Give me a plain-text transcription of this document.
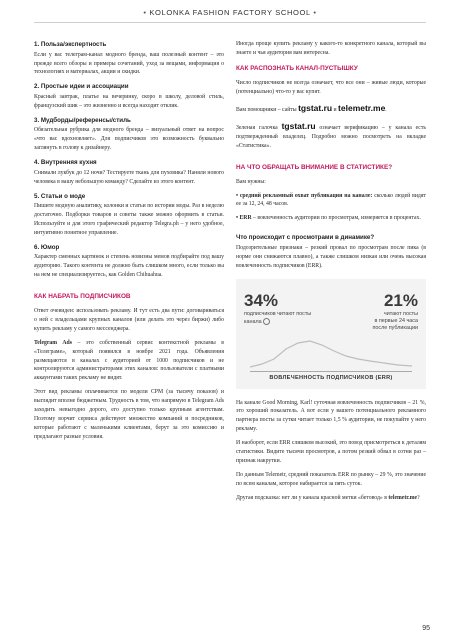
• KOLONKA FASHION FACTORY SCHOOL •
1. Польза/экспертность

Если у вас телеграм-канал модного бренда, ваш полезный контент – это прежде всего обзоры и примеры сочетаний, уход за вещами, информация о технологиях и материалах, акции и скидки.

2. Простые идеи и ассоциации

Красный завтрак, платье на вечеринку, скоро в школу, деловой стиль, французский шик – это жизненно и всегда находит отклик.

3. Мудборды/референсы/стиль

Обязательная рубрика для модного бренда – визуальный ответ на вопрос «что вас вдохновляет». Для подписчиков это возможность буквально заглянуть в голову к дизайнеру.

4. Внутренняя кухня

Снимали лукбук до 12 ночи? Тестируете ткань для пуховика? Наняли нового человека в вашу небольшую команду? Сделайте из этого контент.

5. Статьи о моде

Пишите модную аналитику, колонки и статьи по истории моды. Раз в неделю достаточно. Подборки товаров и советы также можно оформить в статьи. Используйте и для этого графический редактор Telegra.ph – у него удобное, интуитивно понятное управление.

6. Юмор

Характер сменных картинок и степень новизны мемов подбирайте под вашу аудиторию. Такого контента не должно быть слишком много, если только вы на нем не специализируетесь, как Golden Chihuahua.

КАК НАБРАТЬ ПОДПИСЧИКОВ

Ответ очевиден: использовать рекламу. И тут есть два пути: договариваться о ней с владельцами крупных каналов (или делать это через биржи) либо купить рекламу у самого мессенджера.

Telegram Ads – это собственный сервис контекстной рекламы в «Телеграме», который появился в ноябре 2021 года. Объявления размещаются в каналах с аудиторией от 1000 подписчиков и не контролируются администраторами этих каналов: пользователи с платными аккаунтами таких рекламу не видят.

Этот вид рекламы оплачивается по модели CPM (за тысячу показов) и выглядит вполне бюджетным. Трудность в том, что напрямую в Telegram Ads заходить невыгодно дорого, его доступно только крупным агентствам. Поэтому ворчит сервиса действуют множество компаний и посредников, которые работают с маленькими клиентами, берут за это комиссию и предлагают разные условия.

Иногда проще купить рекламу у какого-то конкретного канала, который вы знаете и чья аудитория вам интересна.

КАК РАСПОЗНАТЬ КАНАЛ-ПУСТЫШКУ

Число подписчиков не всегда означает, что все они – живые люди, которые (потенциально) что-то у вас купят.

Вам помощники – сайты tgstat.ru и telemetr.me.

Зеленая галочка tgstat.ru означает верификацию – у канала есть подтвержденный владелец. Подробно можно посмотреть на вкладке «Статистика».

НА ЧТО ОБРАЩАТЬ ВНИМАНИЕ В СТАТИСТИКЕ?

Вам нужны:

• средний рекламный охват публикации на канале: сколько людей видят ее за 12, 24, 48 часов.

• ERR – вовлеченность аудитории по просмотрам, измеряется в процентах.

Что происходит с просмотрами в динамике?

Подозрительные признаки – резкий провал по просмотрам после пика (в норме они снижаются плавно), а также слишком низкая или очень высокая вовлеченность подписчиков (ERR).

34%	21%
подписчиков читают посты
канала
читают посты
в первые 24 часа
после публикации
ВОВЛЕЧЕННОСТЬ ПОДПИСЧИКОВ (ERR)

На канале Good Morning, Karl! суточная вовлеченность подписчиков – 21 %, это хороший показатель. А вот если у вашего потенциального рекламного партнера посты за сутки читает только 1,5 % аудитории, не покупайте у него рекламу.

И наоборот, если ERR слишком высокий, это повод присмотреться к деталям статистики. Видите тысячи просмотров, а потом резкий обвал в сотни раз – признак накрутки.

По данным Telemetr, средний показатель ERR по рынку – 29 %, это значение по всем каналам, которое набирается за пять суток.

Другая подсказка: нет ли у канала красной метки «бетовод» в telemetr.me?

95
